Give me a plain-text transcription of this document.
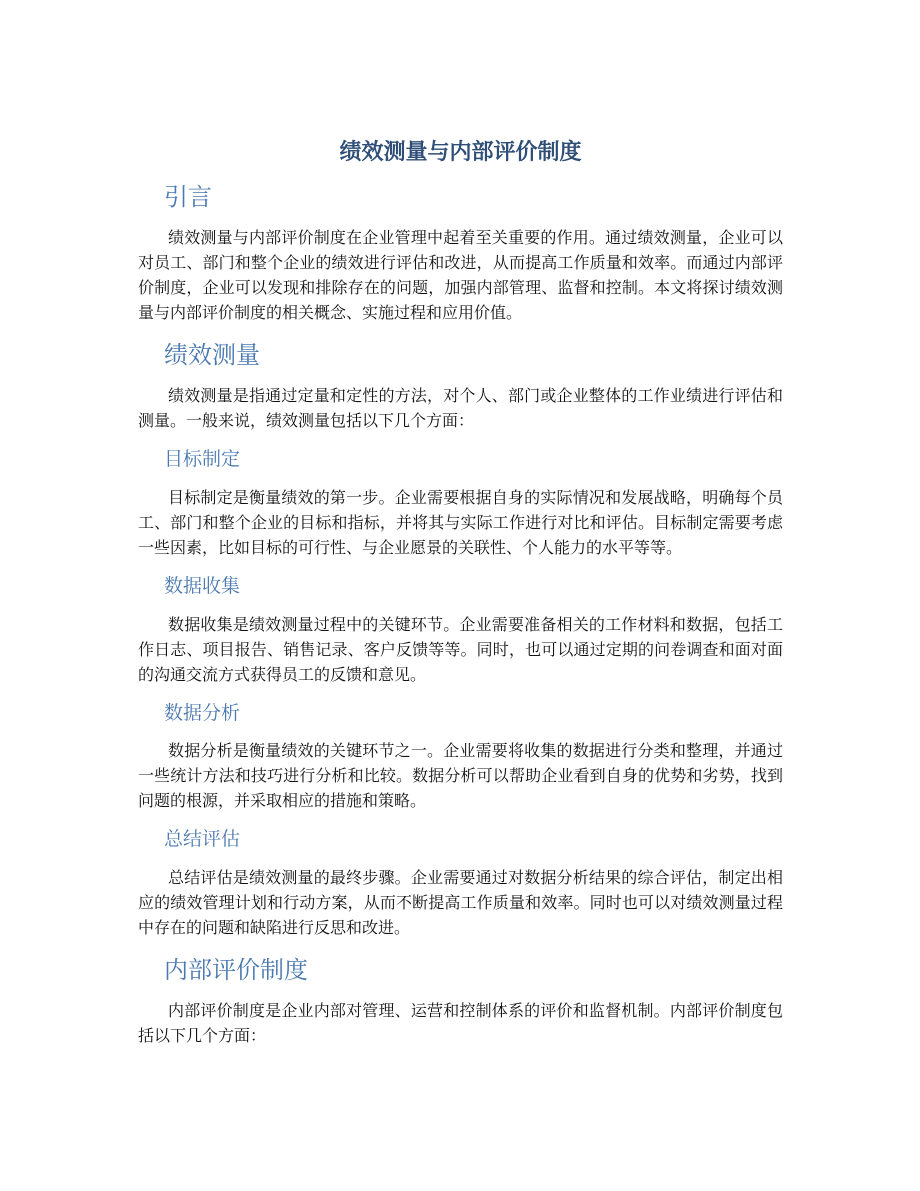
绩效测量与内部评价制度
引言

绩效测量与内部评价制度在企业管理中起着至关重要的作用。通过绩效测量，企业可以对员工、部门和整个企业的绩效进行评估和改进，从而提高工作质量和效率。而通过内部评价制度，企业可以发现和排除存在的问题，加强内部管理、监督和控制。本文将探讨绩效测量与内部评价制度的相关概念、实施过程和应用价值。

绩效测量

绩效测量是指通过定量和定性的方法，对个人、部门或企业整体的工作业绩进行评估和测量。一般来说，绩效测量包括以下几个方面：

目标制定

目标制定是衡量绩效的第一步。企业需要根据自身的实际情况和发展战略，明确每个员工、部门和整个企业的目标和指标，并将其与实际工作进行对比和评估。目标制定需要考虑一些因素，比如目标的可行性、与企业愿景的关联性、个人能力的水平等等。

数据收集

数据收集是绩效测量过程中的关键环节。企业需要准备相关的工作材料和数据，包括工作日志、项目报告、销售记录、客户反馈等等。同时，也可以通过定期的问卷调查和面对面的沟通交流方式获得员工的反馈和意见。

数据分析

数据分析是衡量绩效的关键环节之一。企业需要将收集的数据进行分类和整理，并通过一些统计方法和技巧进行分析和比较。数据分析可以帮助企业看到自身的优势和劣势，找到问题的根源，并采取相应的措施和策略。

总结评估

总结评估是绩效测量的最终步骤。企业需要通过对数据分析结果的综合评估，制定出相应的绩效管理计划和行动方案，从而不断提高工作质量和效率。同时也可以对绩效测量过程中存在的问题和缺陷进行反思和改进。

内部评价制度

内部评价制度是企业内部对管理、运营和控制体系的评价和监督机制。内部评价制度包括以下几个方面：
